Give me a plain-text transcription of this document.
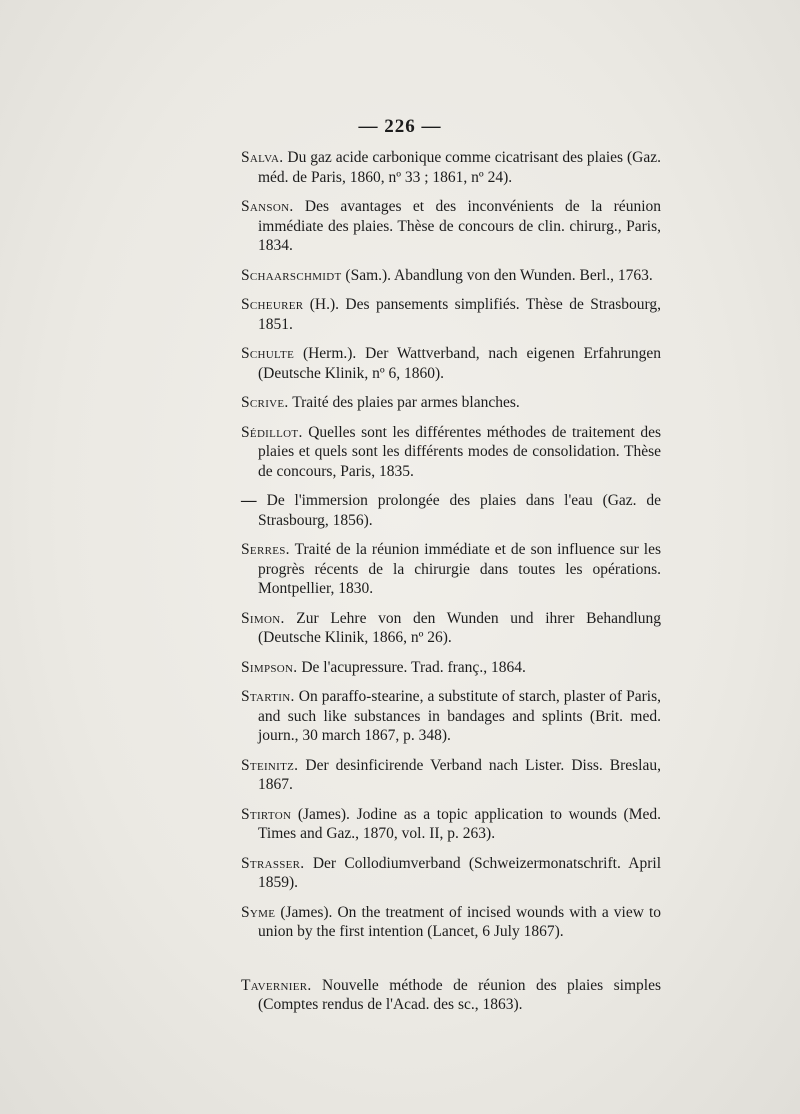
— 226 —

Salva. Du gaz acide carbonique comme cicatrisant des plaies (Gaz. méd. de Paris, 1860, nº 33 ; 1861, nº 24).

Sanson. Des avantages et des inconvénients de la réunion immédiate des plaies. Thèse de concours de clin. chirurg., Paris, 1834.

Schaarschmidt (Sam.). Abandlung von den Wunden. Berl., 1763.

Scheurer (H.). Des pansements simplifiés. Thèse de Strasbourg, 1851.

Schulte (Herm.). Der Wattverband, nach eigenen Erfahrungen (Deutsche Klinik, nº 6, 1860).

Scrive. Traité des plaies par armes blanches.

Sédillot. Quelles sont les différentes méthodes de traitement des plaies et quels sont les différents modes de consolidation. Thèse de concours, Paris, 1835.

— De l'immersion prolongée des plaies dans l'eau (Gaz. de Strasbourg, 1856).

Serres. Traité de la réunion immédiate et de son influence sur les progrès récents de la chirurgie dans toutes les opérations. Montpellier, 1830.

Simon. Zur Lehre von den Wunden und ihrer Behandlung (Deutsche Klinik, 1866, nº 26).

Simpson. De l'acupressure. Trad. franç., 1864.

Startin. On paraffo-stearine, a substitute of starch, plaster of Paris, and such like substances in bandages and splints (Brit. med. journ., 30 march 1867, p. 348).

Steinitz. Der desinficirende Verband nach Lister. Diss. Breslau, 1867.

Stirton (James). Jodine as a topic application to wounds (Med. Times and Gaz., 1870, vol. II, p. 263).

Strasser. Der Collodiumverband (Schweizermonatschrift. April 1859).

Syme (James). On the treatment of incised wounds with a view to union by the first intention (Lancet, 6 July 1867).

Tavernier. Nouvelle méthode de réunion des plaies simples (Comptes rendus de l'Acad. des sc., 1863).
